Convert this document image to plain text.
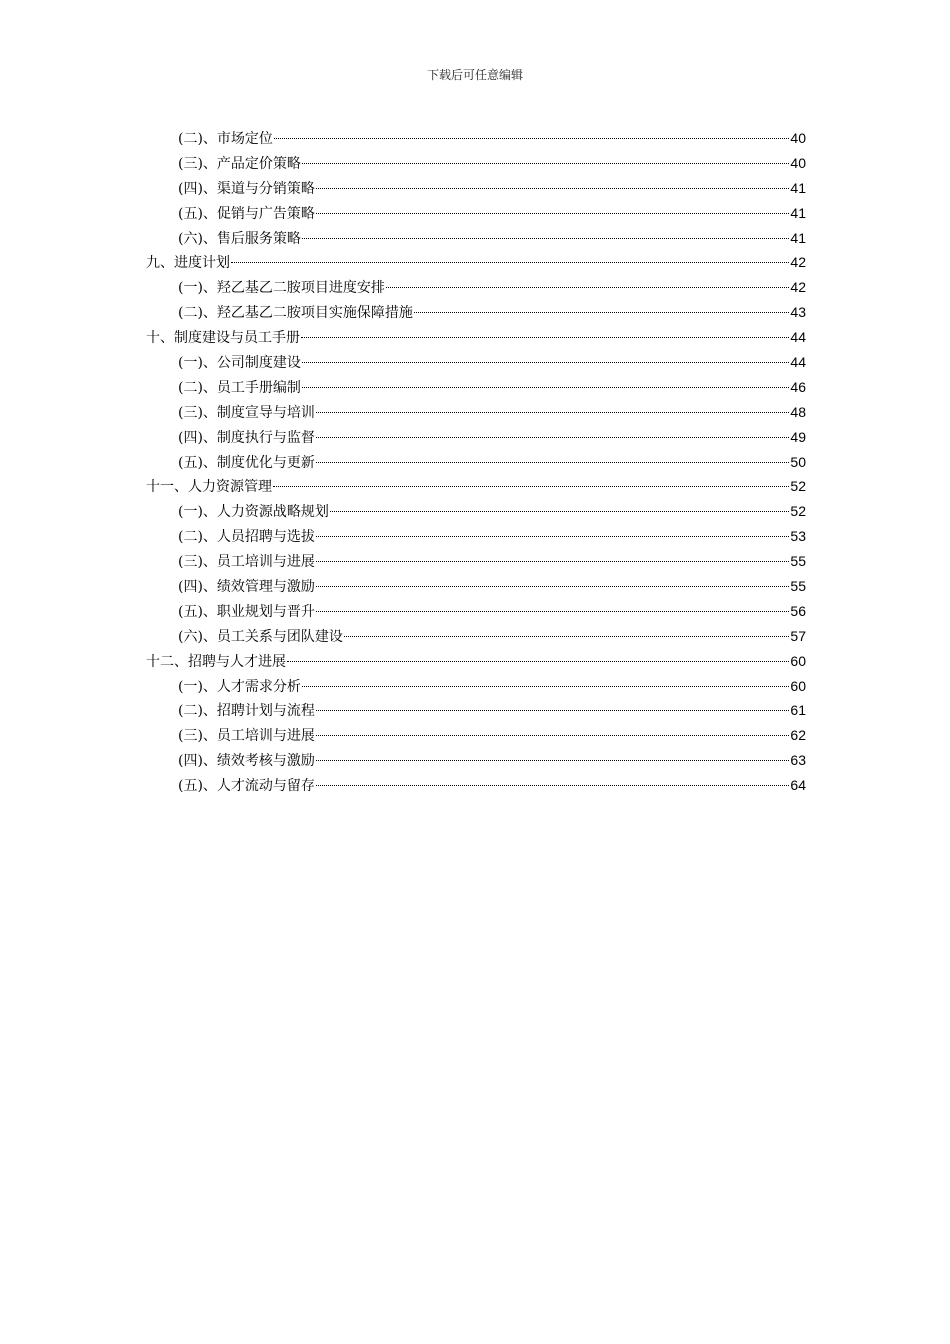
下载后可任意编辑
(二)、市场定位	40
(三)、产品定价策略	40
(四)、渠道与分销策略	41
(五)、促销与广告策略	41
(六)、售后服务策略	41
九、进度计划	42
(一)、羟乙基乙二胺项目进度安排	42
(二)、羟乙基乙二胺项目实施保障措施	43
十、制度建设与员工手册	44
(一)、公司制度建设	44
(二)、员工手册编制	46
(三)、制度宣导与培训	48
(四)、制度执行与监督	49
(五)、制度优化与更新	50
十一、人力资源管理	52
(一)、人力资源战略规划	52
(二)、人员招聘与选拔	53
(三)、员工培训与进展	55
(四)、绩效管理与激励	55
(五)、职业规划与晋升	56
(六)、员工关系与团队建设	57
十二、招聘与人才进展	60
(一)、人才需求分析	60
(二)、招聘计划与流程	61
(三)、员工培训与进展	62
(四)、绩效考核与激励	63
(五)、人才流动与留存	64
